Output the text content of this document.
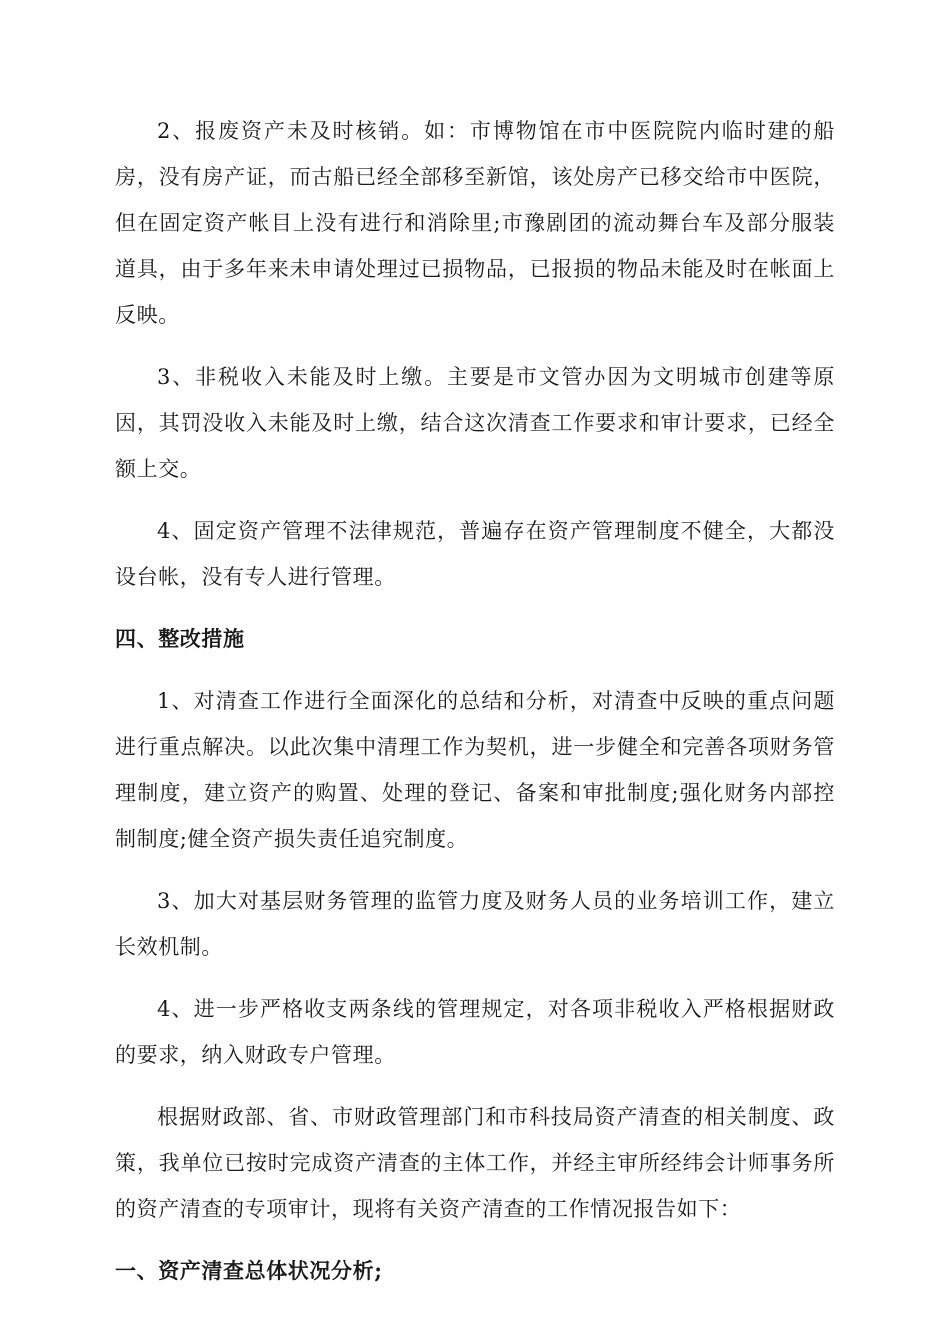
2、报废资产未及时核销。如：市博物馆在市中医院院内临时建的船房，没有房产证，而古船已经全部移至新馆，该处房产已移交给市中医院，但在固定资产帐目上没有进行和消除里;市豫剧团的流动舞台车及部分服装道具，由于多年来未申请处理过已损物品，已报损的物品未能及时在帐面上反映。

3、非税收入未能及时上缴。主要是市文管办因为文明城市创建等原因，其罚没收入未能及时上缴，结合这次清查工作要求和审计要求，已经全额上交。

4、固定资产管理不法律规范，普遍存在资产管理制度不健全，大都没设台帐，没有专人进行管理。

四、整改措施

1、对清查工作进行全面深化的总结和分析，对清查中反映的重点问题进行重点解决。以此次集中清理工作为契机，进一步健全和完善各项财务管理制度，建立资产的购置、处理的登记、备案和审批制度;强化财务内部控制制度;健全资产损失责任追究制度。

3、加大对基层财务管理的监管力度及财务人员的业务培训工作，建立长效机制。

4、进一步严格收支两条线的管理规定，对各项非税收入严格根据财政的要求，纳入财政专户管理。

根据财政部、省、市财政管理部门和市科技局资产清查的相关制度、政策，我单位已按时完成资产清查的主体工作，并经主审所经纬会计师事务所的资产清查的专项审计，现将有关资产清查的工作情况报告如下：

一、资产清查总体状况分析;
